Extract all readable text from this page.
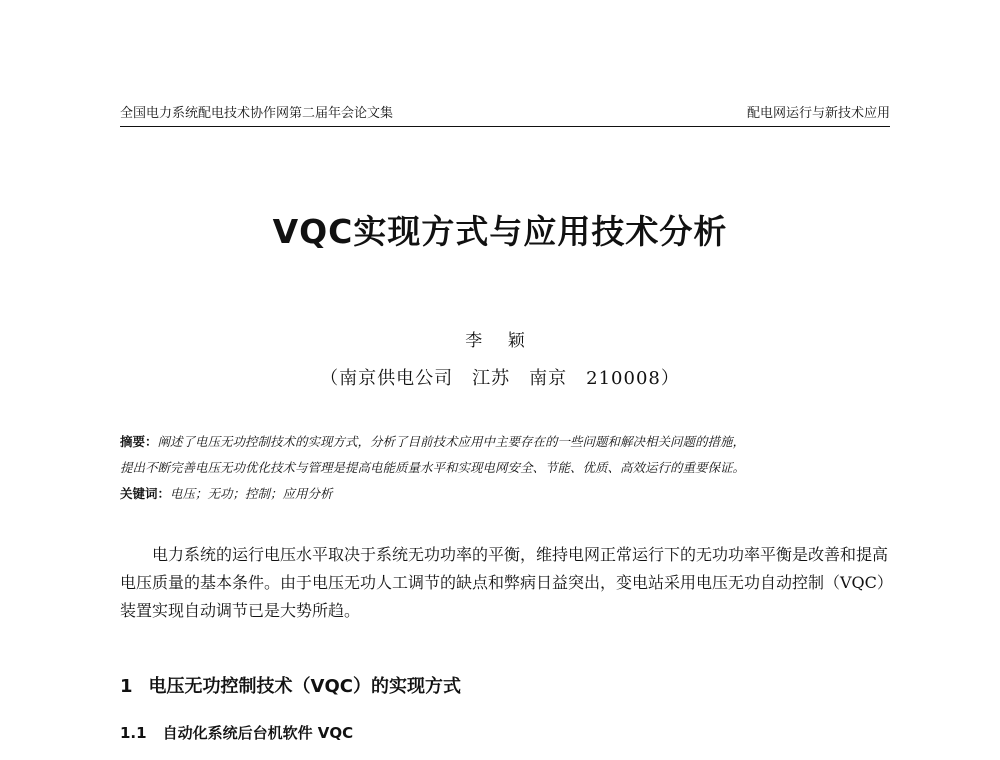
全国电力系统配电技术协作网第二届年会论文集	配电网运行与新技术应用
VQC实现方式与应用技术分析
李 颖
（南京供电公司　江苏　南京　210008）

摘要：阐述了电压无功控制技术的实现方式，分析了目前技术应用中主要存在的一些问题和解决相关问题的措施，

提出不断完善电压无功优化技术与管理是提高电能质量水平和实现电网安全、节能、优质、高效运行的重要保证。

关键词：电压；无功；控制；应用分析

电力系统的运行电压水平取决于系统无功功率的平衡，维持电网正常运行下的无功功率平衡是改善和提高电压质量的基本条件。由于电压无功人工调节的缺点和弊病日益突出，变电站采用电压无功自动控制（VQC）装置实现自动调节已是大势所趋。

1 电压无功控制技术（VQC）的实现方式
1.1 自动化系统后台机软件 VQC
